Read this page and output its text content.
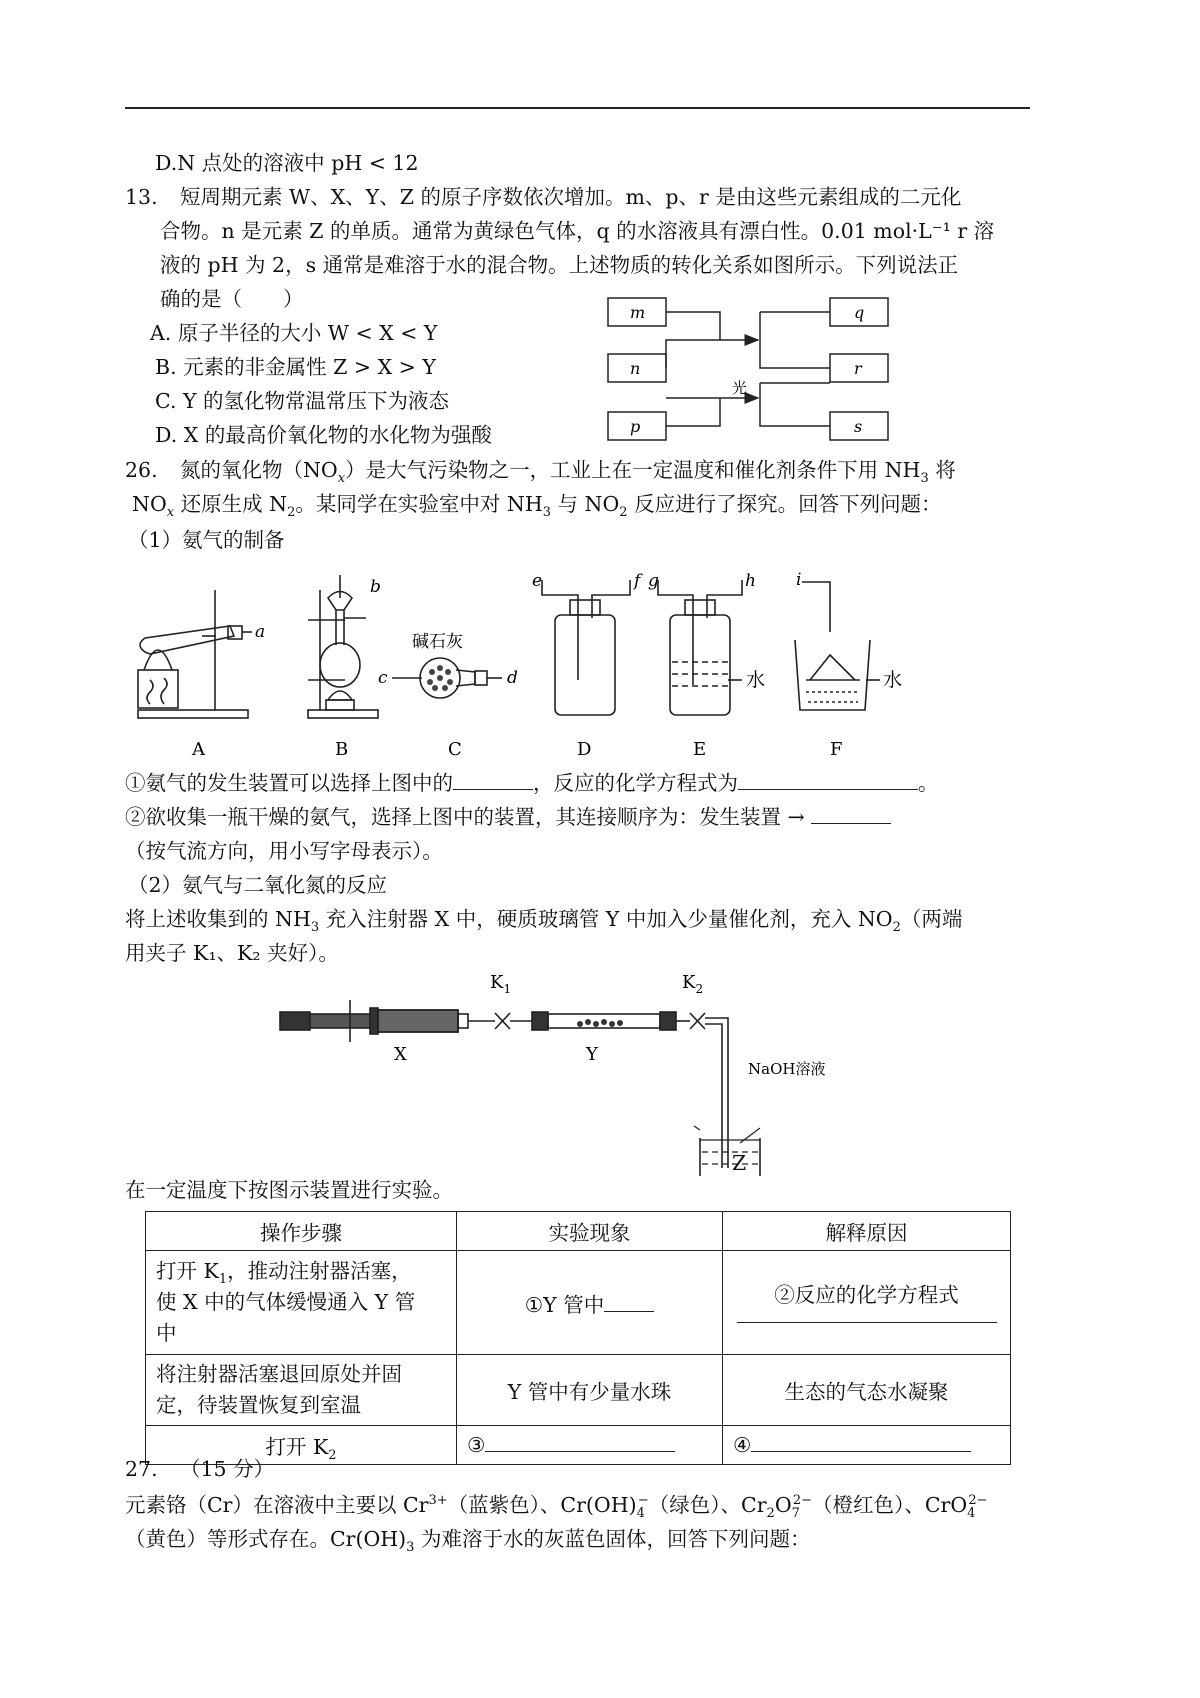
D.N 点处的溶液中 pH < 12
13. 短周期元素 W、X、Y、Z 的原子序数依次增加。m、p、r 是由这些元素组成的二元化
合物。n 是元素 Z 的单质。通常为黄绿色气体，q 的水溶液具有漂白性。0.01 mol·L⁻¹ r 溶
液的 pH 为 2，s 通常是难溶于水的混合物。上述物质的转化关系如图所示。下列说法正
确的是（　　）
A. 原子半径的大小 W < X < Y
B. 元素的非金属性 Z > X > Y
C. Y 的氢化物常温常压下为液态
D. X 的最高价氧化物的水化物为强酸
m
n
p
q
r
s
光
26. 氮的氧化物$(NO_x)$是大气污染物之一，工业上在一定温度和催化剂条件下用 $NH_3$ 将
$NO_x$ 还原生成 $N_2$。某同学在实验室中对 $NH_3$ 与 $NO_2$ 反应进行了探究。回答下列问题：
（1）氨气的制备
a
b
c	d
e	f g	h i
碱石灰
水	水
A	B	C	D	E	F
①氨气的发生装置可以选择上图中的	，反应的化学方程式为	。
②欲收集一瓶干燥的氨气，选择上图中的装置，其连接顺序为：发生装置 →
（按气流方向，用小写字母表示）。
（2）氨气与二氧化氮的反应
将上述收集到的 $NH_3$ 充入注射器 X 中，硬质玻璃管 Y 中加入少量催化剂，充入 $NO_2$（两端
用夹子 K₁、K₂ 夹好）。
X	Y
$K_1$	$K_2$
NaOH溶液
Z
在一定温度下按图示装置进行实验。
操作步骤	实验现象	解释原因
打开 $K_1$，推动注射器活塞，
使 X 中的气体缓慢通入 Y 管
中	①Y 管中	②反应的化学方程式

将注射器活塞退回原处并固
定，待装置恢复到室温	Y 管中有少量水珠	生态的气态水凝聚
打开 $K_2$	③	④
27. （15 分）
元素铬（Cr）在溶液中主要以 $Cr^{3+}$（蓝紫色）、$Cr(OH)_4^-$（绿色）、$Cr_2O_7^{2-}$（橙红色）、CrO$_4^{2-}$
（黄色）等形式存在。$Cr(OH)_3$ 为难溶于水的灰蓝色固体，回答下列问题：
